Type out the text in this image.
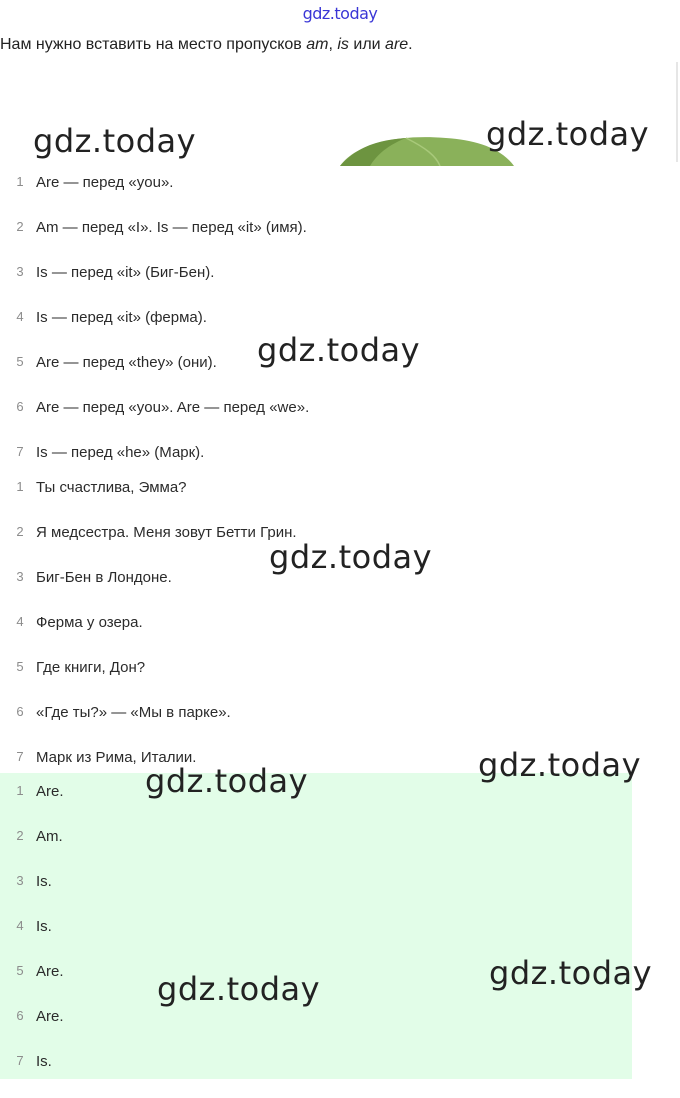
gdz.today
Нам нужно вставить на место пропусков am, is или are.
1 Are — перед «you».
2 Am — перед «I». Is — перед «it» (имя).
3 Is — перед «it» (Биг-Бен).
4 Is — перед «it» (ферма).
5 Are — перед «they» (они).
6 Are — перед «you». Are — перед «we».
7 Is — перед «he» (Марк).
1 Ты счастлива, Эмма?
2 Я медсестра. Меня зовут Бетти Грин.
3 Биг-Бен в Лондоне.
4 Ферма у озера.
5 Где книги, Дон?
6 «Где ты?» — «Мы в парке».
7 Марк из Рима, Италии.
1 Are.
2 Am.
3 Is.
4 Is.
5 Are.
6 Are.
7 Is.
gdz.today	gdz.today
gdz.today
gdz.today
gdz.today	gdz.today
gdz.today	gdz.today
